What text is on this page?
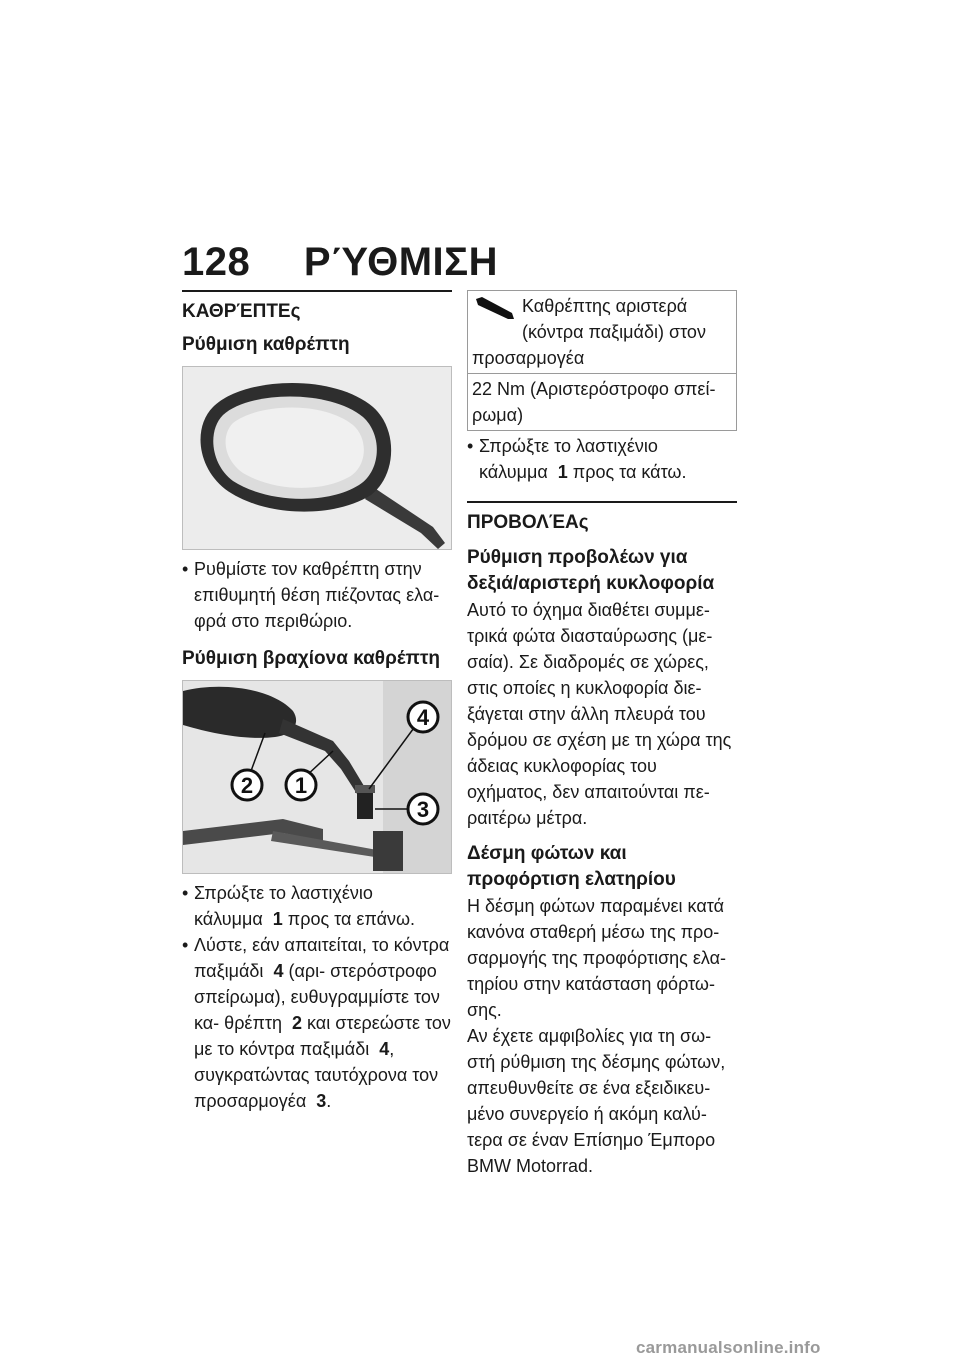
128 ΡΎΘΜΙΣΗ
ΚΑΘΡΈΠΤΕς
Ρύθμιση καθρέπτη
• Ρυθμίστε τον καθρέπτη στην επιθυμητή θέση πιέζοντας ελα- φρά στο περιθώριο.
Ρύθμιση βραχίονα καθρέπτη
2 1
4
3
• Σπρώξτε το λαστιχένιο κάλυμμα 1 προς τα επάνω.
• Λύστε, εάν απαιτείται, το κόντρα παξιμάδι 4 (αρι- στερόστροφο σπείρωμα), ευθυγραμμίστε τον κα- θρέπτη 2 και στερεώστε τον με το κόντρα παξιμάδι 4, συγκρατώντας ταυτόχρονα τον προσαρμογέα 3.
Καθρέπτης αριστερά (κόντρα παξιμάδι) στον προσαρμογέα
22 Nm (Αριστερόστροφο σπεί- ρωμα)
• Σπρώξτε το λαστιχένιο κάλυμμα 1 προς τα κάτω.
ΠΡΟΒΟΛΈΑς
Ρύθμιση προβολέων για δεξιά/αριστερή κυκλοφορία

Αυτό το όχημα διαθέτει συμμε- τρικά φώτα διασταύρωσης (με- σαία). Σε διαδρομές σε χώρες, στις οποίες η κυκλοφορία διε- ξάγεται στην άλλη πλευρά του δρόμου σε σχέση με τη χώρα της άδειας κυκλοφορίας του οχήματος, δεν απαιτούνται πε- ραιτέρω μέτρα.

Δέσμη φώτων και προφόρτιση ελατηρίου

Η δέσμη φώτων παραμένει κατά κανόνα σταθερή μέσω της προ- σαρμογής της προφόρτισης ελα- τηρίου στην κατάσταση φόρτω- σης.

Αν έχετε αμφιβολίες για τη σω- στή ρύθμιση της δέσμης φώτων, απευθυνθείτε σε ένα εξειδικευ- μένο συνεργείο ή ακόμη καλύ- τερα σε έναν Επίσημο Έμπορο BMW Motorrad.

carmanualsonline.info
